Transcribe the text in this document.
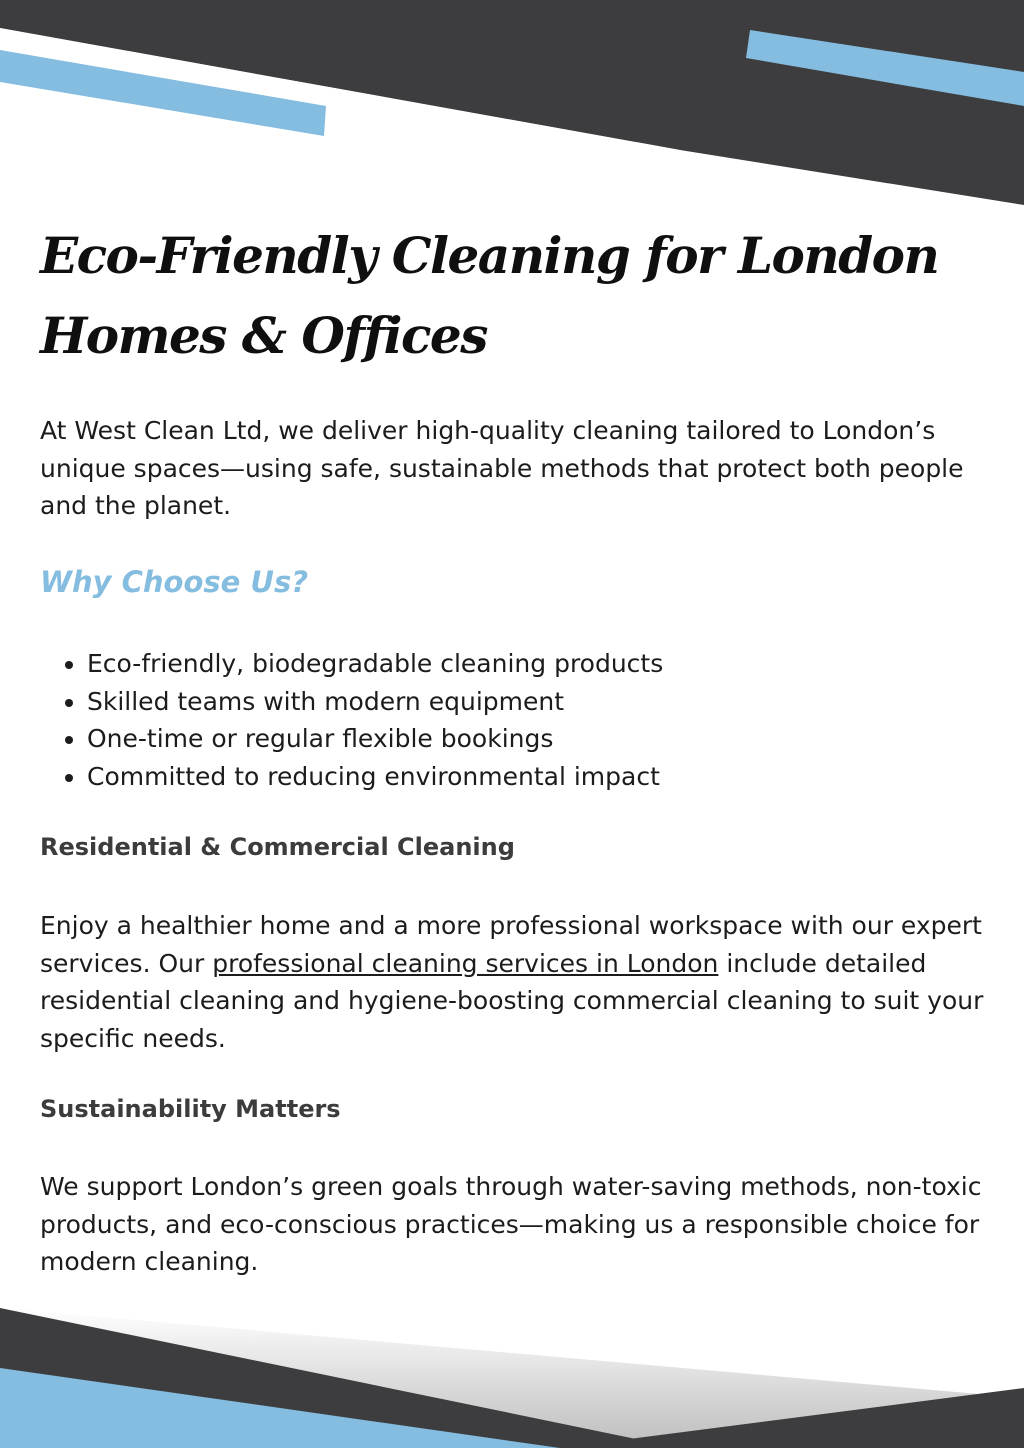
Eco-Friendly Cleaning for London Homes & Offices

At West Clean Ltd, we deliver high-quality cleaning tailored to London’s unique spaces—using safe, sustainable methods that protect both people and the planet.

Why Choose Us?
• Eco-friendly, biodegradable cleaning products
• Skilled teams with modern equipment
• One-time or regular flexible bookings
• Committed to reducing environmental impact
Residential & Commercial Cleaning

Enjoy a healthier home and a more professional workspace with our expert services. Our professional cleaning services in London include detailed residential cleaning and hygiene-boosting commercial cleaning to suit your specific needs.

Sustainability Matters

We support London’s green goals through water-saving methods, non-toxic products, and eco-conscious practices—making us a responsible choice for modern cleaning.
